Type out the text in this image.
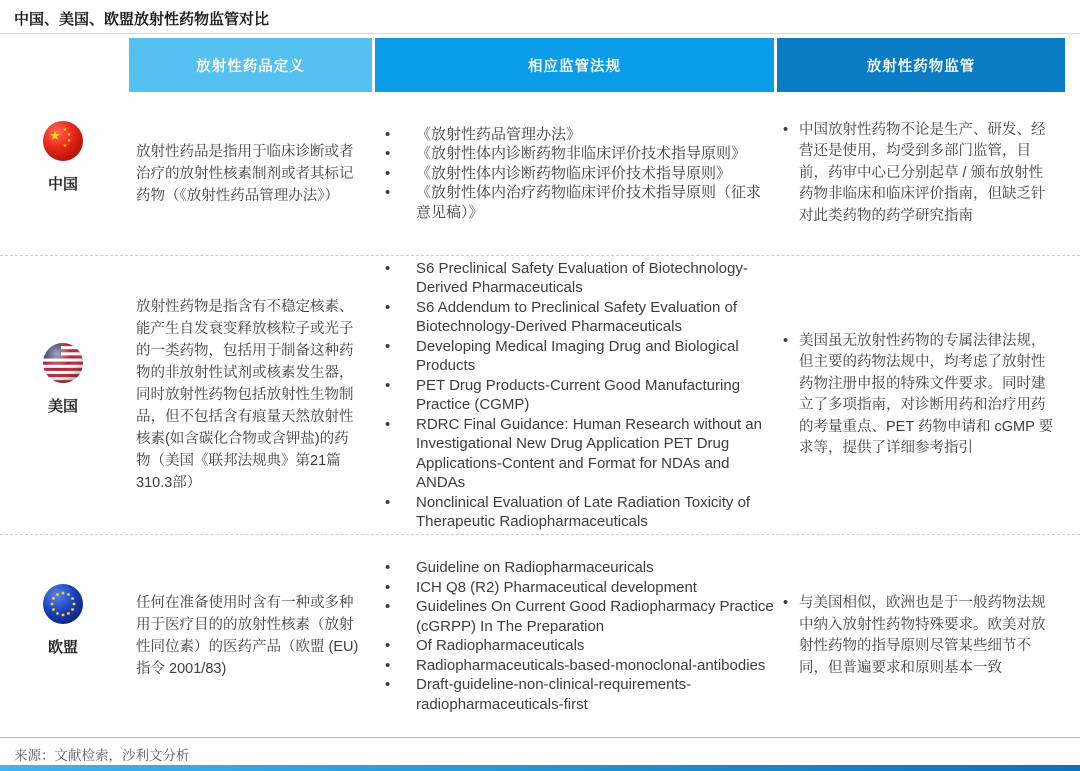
中国、美国、欧盟放射性药物监管对比
放射性药品定义	相应监管法规	放射性药物监管
★ ★
★
★
★
中国
放射性药品是指用于临床诊断或者治疗的放射性核素制剂或者其标记药物（《放射性药品管理办法》）
• 《放射性药品管理办法》
• 《放射性体内诊断药物非临床评价技术指导原则》
• 《放射性体内诊断药物临床评价技术指导原则》
• 《放射性体内治疗药物临床评价技术指导原则（征求意见稿）》
• 中国放射性药物不论是生产、研发、经营还是使用，均受到多部门监管，目前，药审中心已分别起草 / 颁布放射性药物非临床和临床评价指南，但缺乏针对此类药物的药学研究指南
美国
放射性药物是指含有不稳定核素、能产生自发衰变释放核粒子或光子的一类药物，包括用于制备这种药物的非放射性试剂或核素发生器，同时放射性药物包括放射性生物制品，但不包括含有痕量天然放射性核素(如含碳化合物或含钾盐)的药物（美国《联邦法规典》第21篇310.3部）
• S6 Preclinical Safety Evaluation of Biotechnology-Derived Pharmaceuticals
• S6 Addendum to Preclinical Safety Evaluation of Biotechnology-Derived Pharmaceuticals
• Developing Medical Imaging Drug and Biological Products
• PET Drug Products-Current Good Manufacturing Practice (CGMP)
• RDRC Final Guidance: Human Research without an Investigational New Drug Application PET Drug Applications-Content and Format for NDAs and ANDAs
• Nonclinical Evaluation of Late Radiation Toxicity of Therapeutic Radiopharmaceuticals
• 美国虽无放射性药物的专属法律法规，但主要的药物法规中，均考虑了放射性药物注册申报的特殊文件要求。同时建立了多项指南，对诊断用药和治疗用药的考量重点、PET 药物申请和 cGMP 要求等，提供了详细参考指引
欧盟
任何在准备使用时含有一种或多种用于医疗目的的放射性核素（放射性同位素）的医药产品（欧盟 (EU) 指令 2001/83)
• Guideline on Radiopharmaceuricals
• ICH Q8 (R2) Pharmaceutical development
• Guidelines On Current Good Radiopharmacy Practice (cGRPP) In The Preparation
• Of Radiopharmaceuticals
• Radiopharmaceuticals-based-monoclonal-antibodies
• Draft-guideline-non-clinical-requirements-radiopharmaceuticals-first
• 与美国相似，欧洲也是于一般药物法规中纳入放射性药物特殊要求。欧美对放射性药物的指导原则尽管某些细节不同，但普遍要求和原则基本一致
来源：文献检索，沙利文分析
